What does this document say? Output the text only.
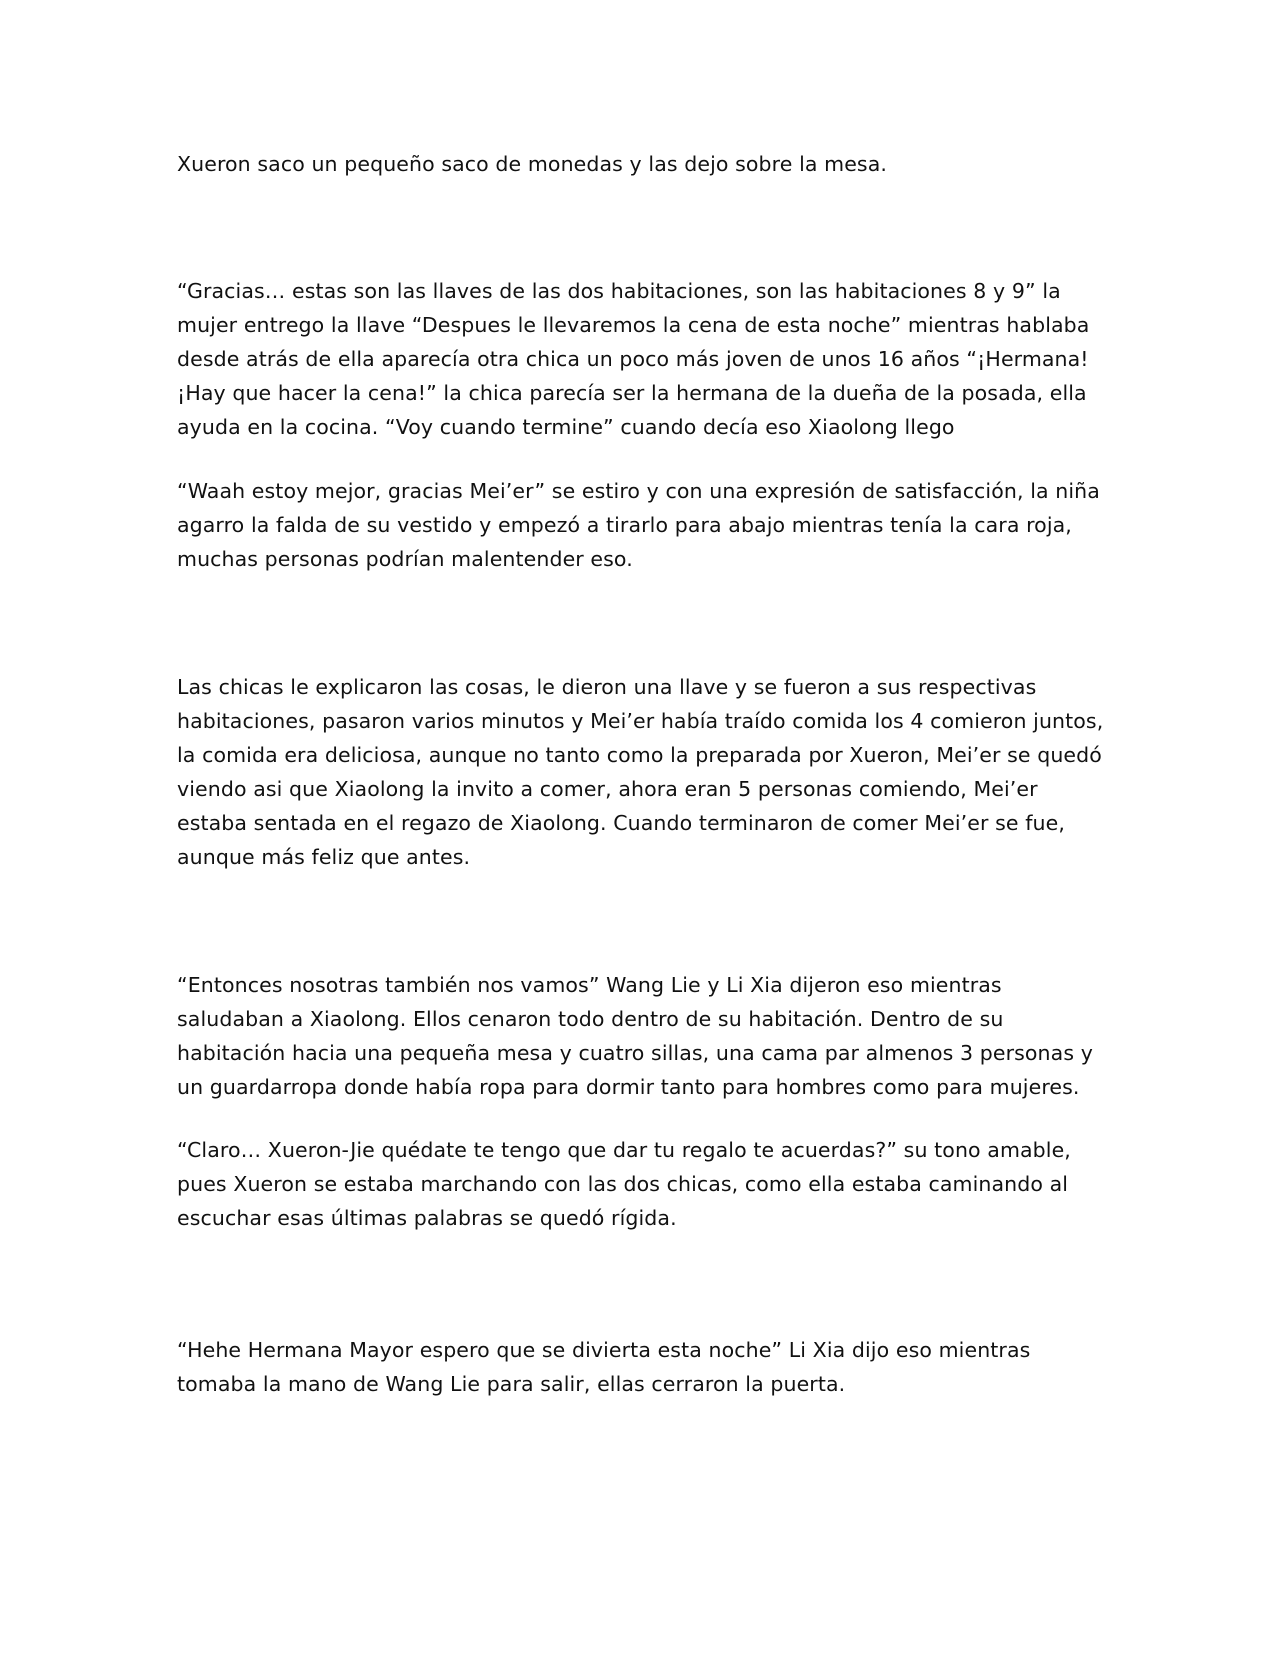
Xueron saco un pequeño saco de monedas y las dejo sobre la mesa.

“Gracias… estas son las llaves de las dos habitaciones, son las habitaciones 8 y 9” la mujer entrego la llave “Despues le llevaremos la cena de esta noche” mientras hablaba desde atrás de ella aparecía otra chica un poco más joven de unos 16 años “¡Hermana! ¡Hay que hacer la cena!” la chica parecía ser la hermana de la dueña de la posada, ella ayuda en la cocina. “Voy cuando termine” cuando decía eso Xiaolong llego

“Waah estoy mejor, gracias Mei’er” se estiro y con una expresión de satisfacción, la niña agarro la falda de su vestido y empezó a tirarlo para abajo mientras tenía la cara roja, muchas personas podrían malentender eso.

Las chicas le explicaron las cosas, le dieron una llave y se fueron a sus respectivas habitaciones, pasaron varios minutos y Mei’er había traído comida los 4 comieron juntos, la comida era deliciosa, aunque no tanto como la preparada por Xueron, Mei’er se quedó viendo asi que Xiaolong la invito a comer, ahora eran 5 personas comiendo, Mei’er estaba sentada en el regazo de Xiaolong. Cuando terminaron de comer Mei’er se fue, aunque más feliz que antes.

“Entonces nosotras también nos vamos” Wang Lie y Li Xia dijeron eso mientras saludaban a Xiaolong. Ellos cenaron todo dentro de su habitación. Dentro de su habitación hacia una pequeña mesa y cuatro sillas, una cama par almenos 3 personas y un guardarropa donde había ropa para dormir tanto para hombres como para mujeres.

“Claro… Xueron-Jie quédate te tengo que dar tu regalo te acuerdas?” su tono amable, pues Xueron se estaba marchando con las dos chicas, como ella estaba caminando al escuchar esas últimas palabras se quedó rígida.

“Hehe Hermana Mayor espero que se divierta esta noche” Li Xia dijo eso mientras tomaba la mano de Wang Lie para salir, ellas cerraron la puerta.
